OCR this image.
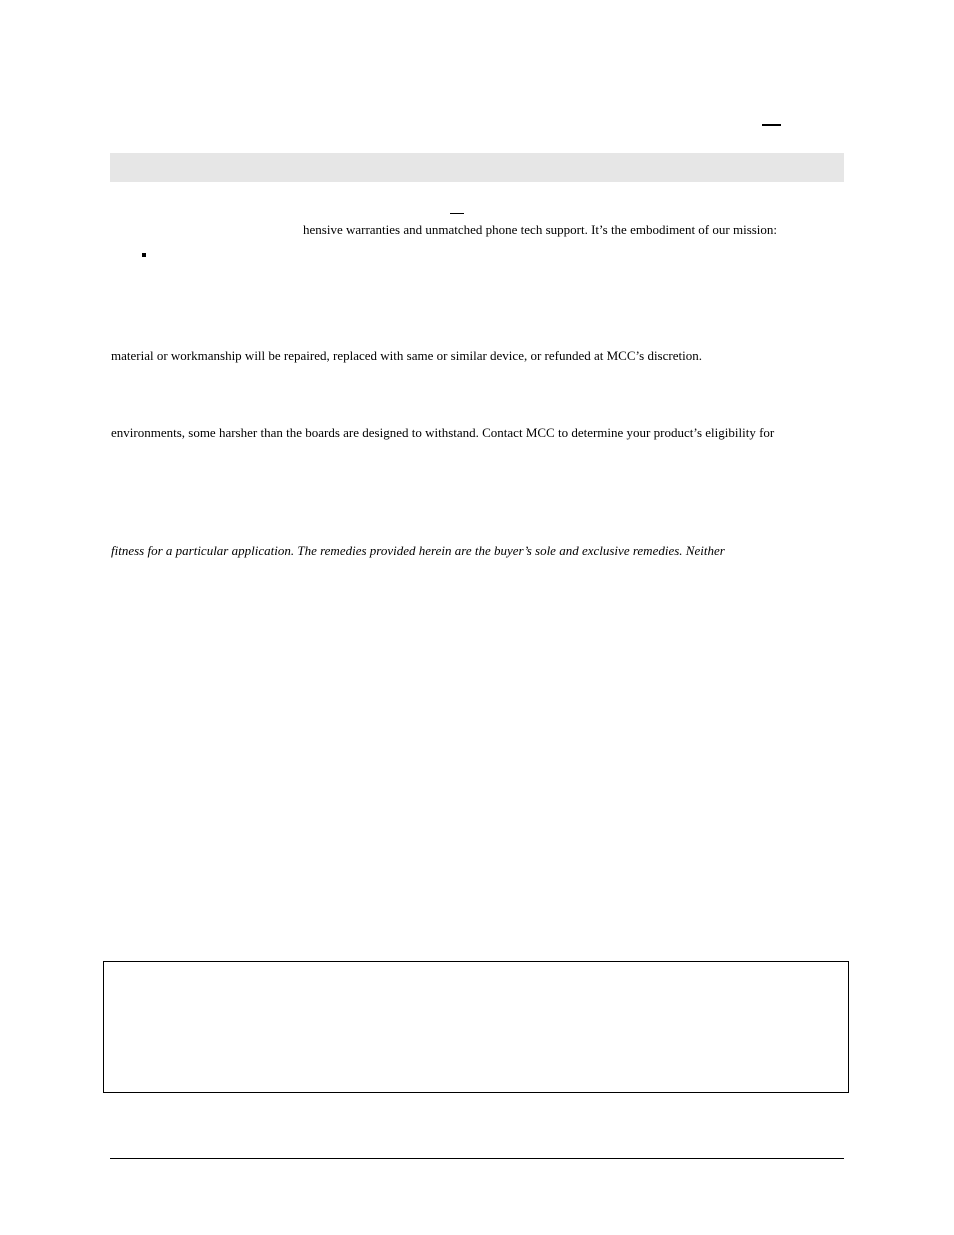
hensive warranties and unmatched phone tech support. It’s the embodiment of our mission:
material or workmanship will be repaired, replaced with same or similar device, or refunded at MCC’s discretion.
environments, some harsher than the boards are designed to withstand. Contact MCC to determine your product’s eligibility for
fitness for a particular application. The remedies provided herein are the buyer’s sole and exclusive remedies. Neither
